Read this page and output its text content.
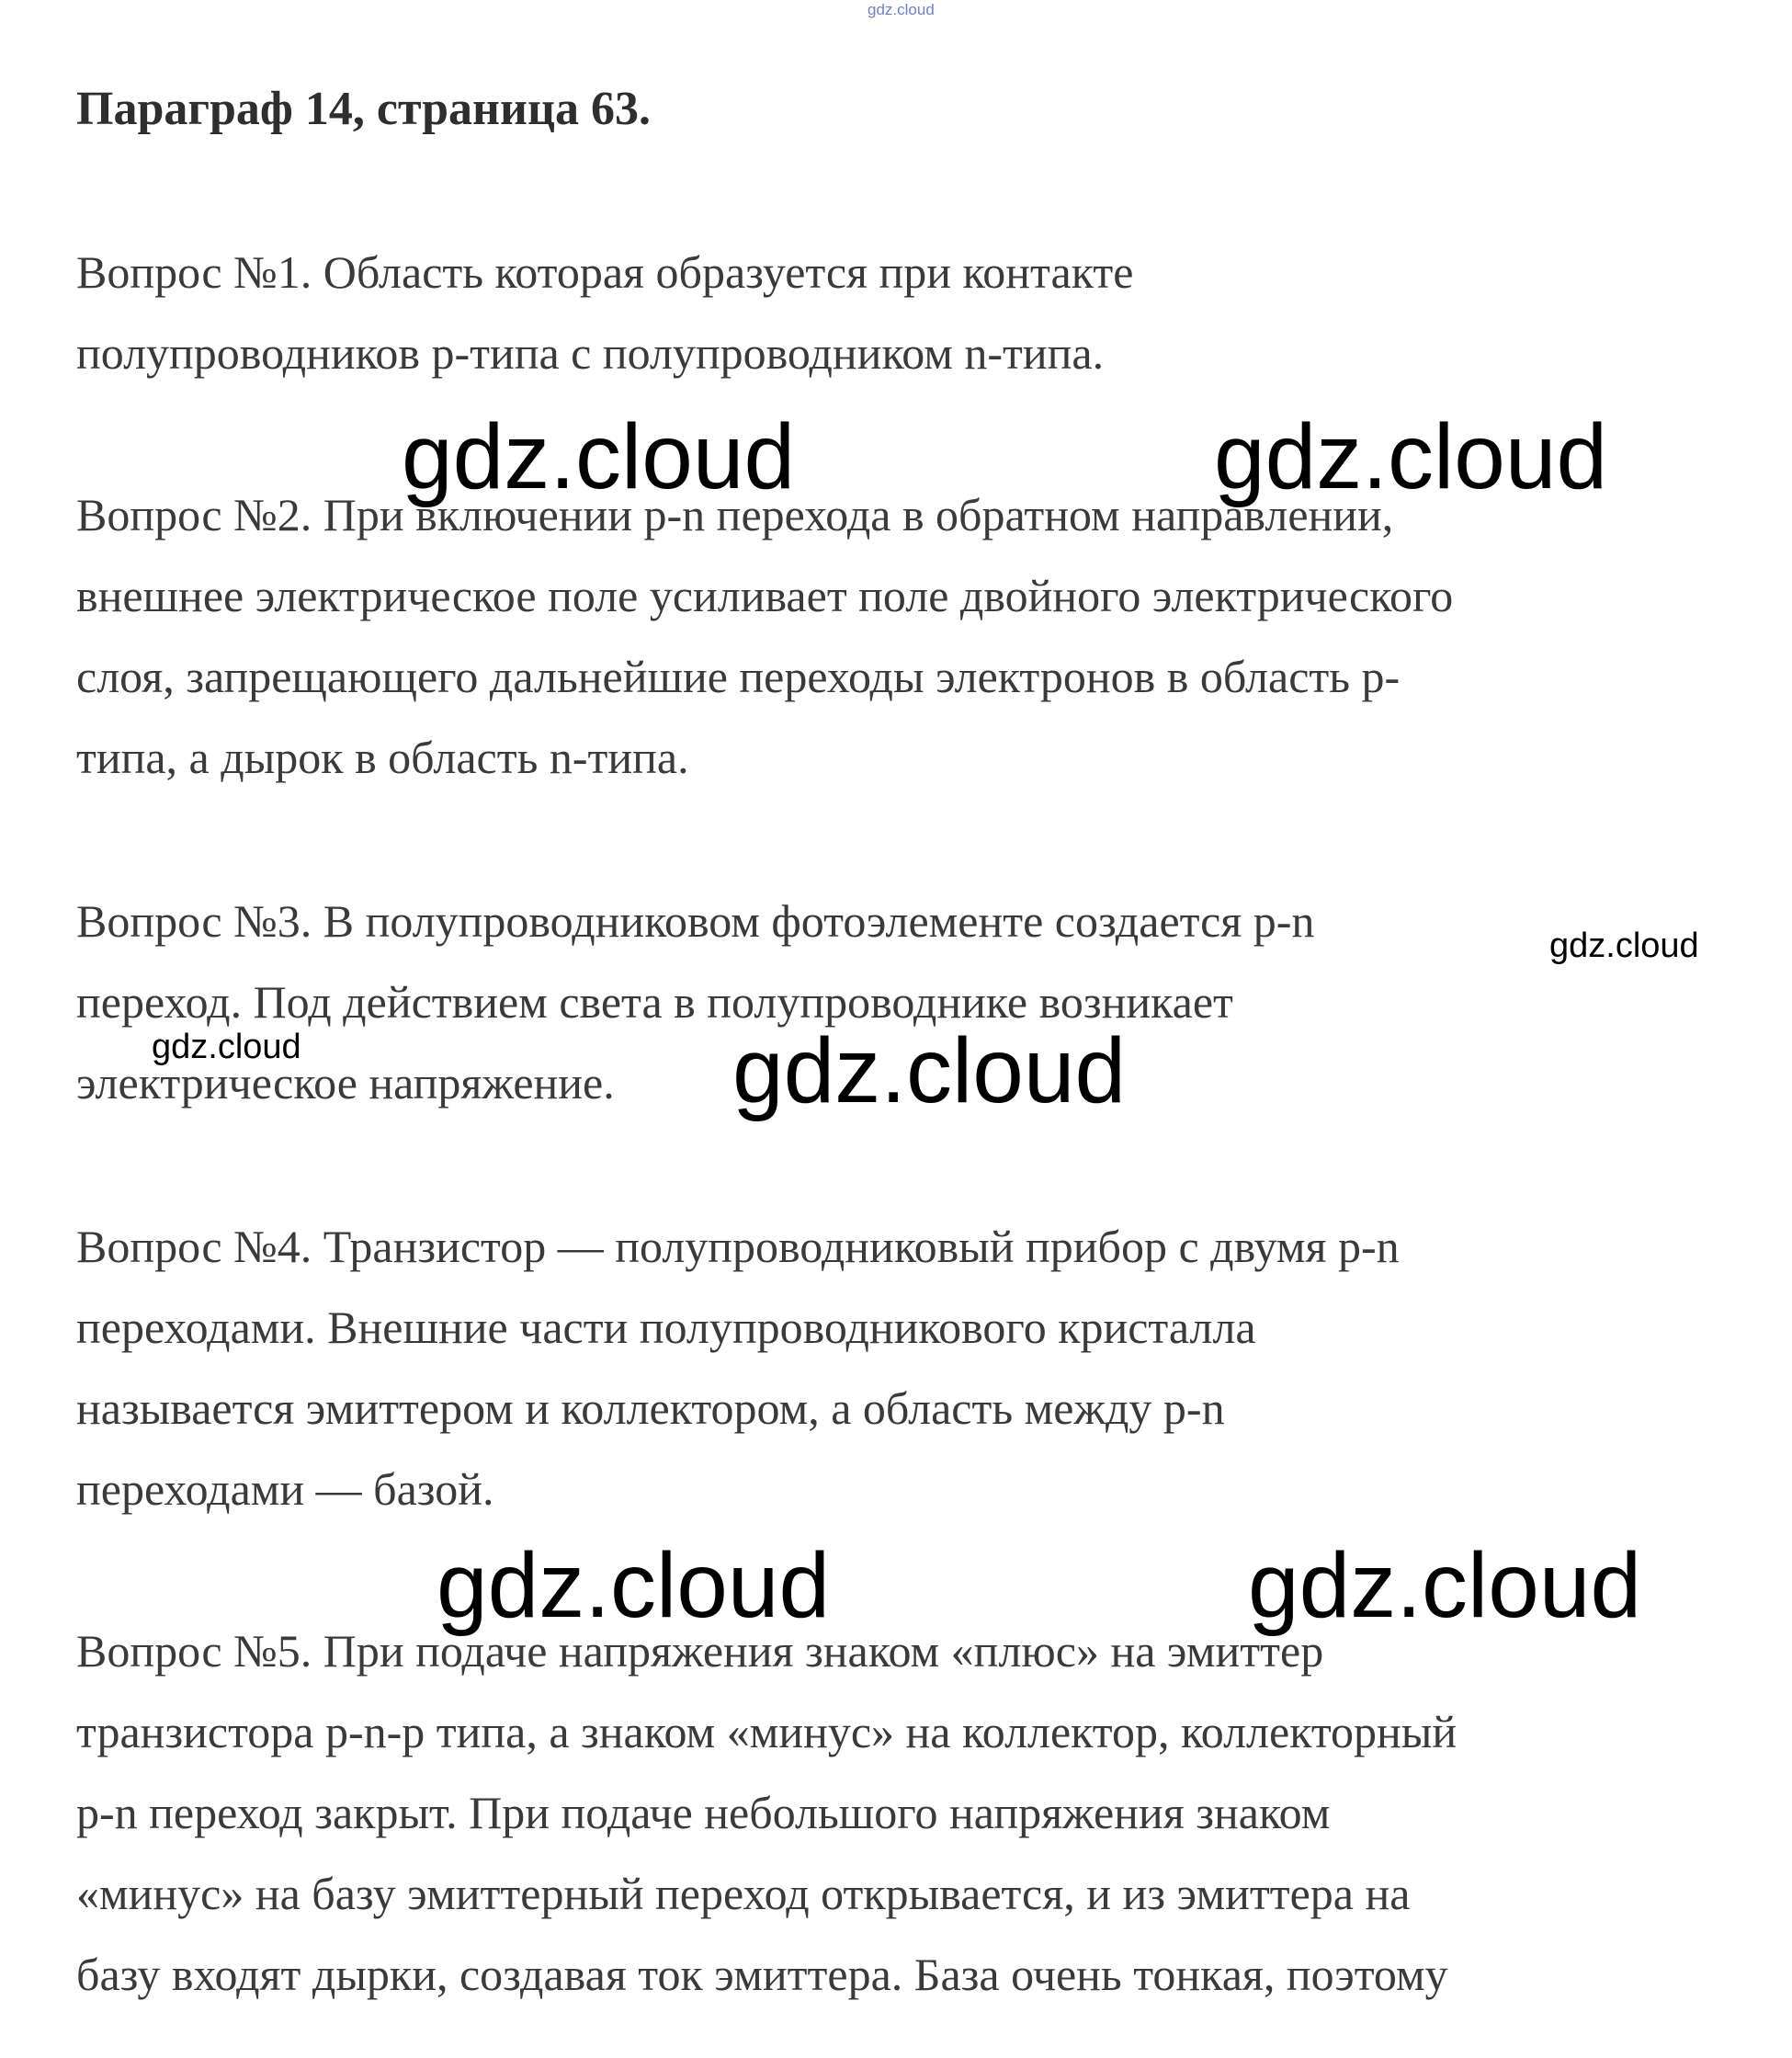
gdz.cloud
Параграф 14, страница 63.
Вопрос №1. Область которая образуется при контакте
полупроводников p-типа с полупроводником n-типа.
Вопрос №2. При включении p-n перехода в обратном направлении,
внешнее электрическое поле усиливает поле двойного электрического
слоя, запрещающего дальнейшие переходы электронов в область p-
типа, а дырок в область n-типа.
Вопрос №3. В полупроводниковом фотоэлементе создается p-n
переход. Под действием света в полупроводнике возникает
электрическое напряжение.
Вопрос №4. Транзистор — полупроводниковый прибор с двумя p-n
переходами. Внешние части полупроводникового кристалла
называется эмиттером и коллектором, а область между p-n
переходами — базой.
Вопрос №5. При подаче напряжения знаком «плюс» на эмиттер
транзистора p-n-p типа, а знаком «минус» на коллектор, коллекторный
p-n переход закрыт. При подаче небольшого напряжения знаком
«минус» на базу эмиттерный переход открывается, и из эмиттера на
базу входят дырки, создавая ток эмиттера. База очень тонкая, поэтому
gdz.cloud	gdz.cloud
gdz.cloud
gdz.cloud	gdz.cloud
gdz.cloud	gdz.cloud
